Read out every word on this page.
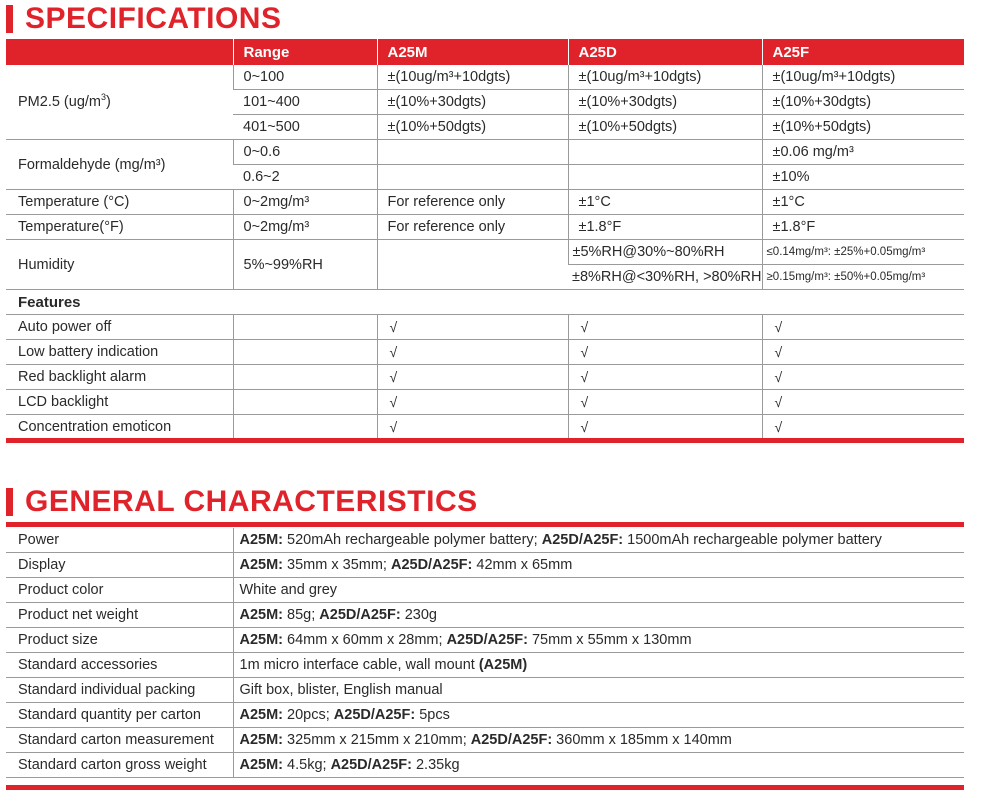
SPECIFICATIONS
	Range	A25M	A25D	A25F
PM2.5 $(ug/m^3)$	0~100	±(10ug/m³+10dgts)	±(10ug/m³+10dgts)	±(10ug/m³+10dgts)
	101~400	±(10%+30dgts)	±(10%+30dgts)	±(10%+30dgts)
	401~500	±(10%+50dgts)	±(10%+50dgts)	±(10%+50dgts)
Formaldehyde (mg/m³)	0~0.6			±0.06 mg/m³
	0.6~2			±10%
Temperature (°C)	0~2mg/m³	For reference only	±1°C	±1°C
Temperature(°F)	0~2mg/m³	For reference only	±1.8°F	±1.8°F
Humidity	5%~99%RH		±5%RH@30%~80%RH	≤0.14mg/m³: ±25%+0.05mg/m³
			±8%RH@<30%RH, >80%RH	≥0.15mg/m³: ±50%+0.05mg/m³
Features				
Auto power off		√	√	√
Low battery indication		√	√	√
Red backlight alarm		√	√	√
LCD backlight		√	√	√
Concentration emoticon		√	√	√
GENERAL CHARACTERISTICS
Power	A25M: 520mAh rechargeable polymer battery; A25D/A25F: 1500mAh rechargeable polymer battery
Display	A25M: 35mm x 35mm; A25D/A25F: 42mm x 65mm
Product color	White and grey
Product net weight	A25M: 85g; A25D/A25F: 230g
Product size	A25M: 64mm x 60mm x 28mm; A25D/A25F: 75mm x 55mm x 130mm
Standard accessories	1m micro interface cable, wall mount (A25M)
Standard individual packing	Gift box, blister, English manual
Standard quantity per carton	A25M: 20pcs; A25D/A25F: 5pcs
Standard carton measurement	A25M: 325mm x 215mm x 210mm; A25D/A25F: 360mm x 185mm x 140mm
Standard carton gross weight	A25M: 4.5kg; A25D/A25F: 2.35kg
